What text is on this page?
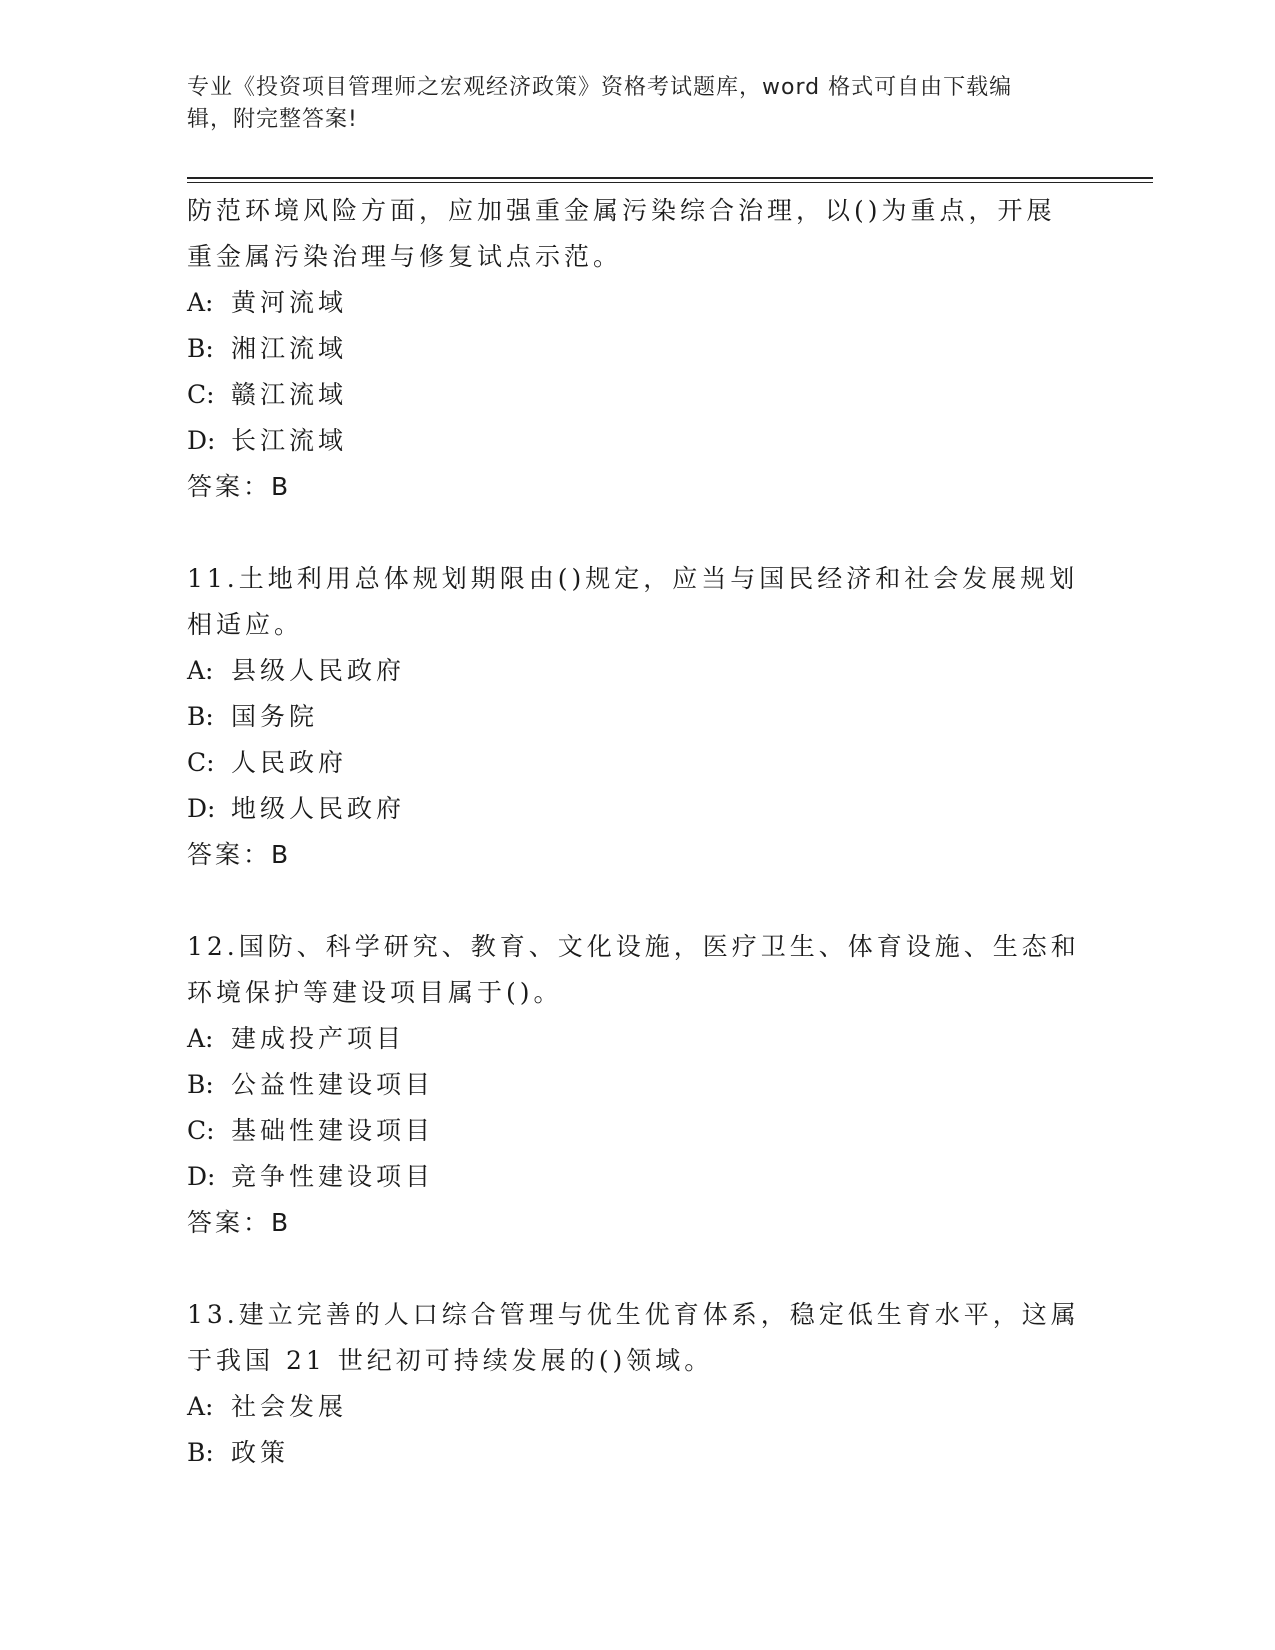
专业《投资项目管理师之宏观经济政策》资格考试题库，word 格式可自由下载编
辑，附完整答案!

防范环境风险方面，应加强重金属污染综合治理，以()为重点，开展

重金属污染治理与修复试点示范。

A: 黄河流域

B: 湘江流域

C: 赣江流域

D: 长江流域

答案：B

11.土地利用总体规划期限由()规定，应当与国民经济和社会发展规划

相适应。

A: 县级人民政府

B: 国务院

C: 人民政府

D: 地级人民政府

答案：B

12.国防、科学研究、教育、文化设施，医疗卫生、体育设施、生态和

环境保护等建设项目属于()。

A: 建成投产项目

B: 公益性建设项目

C: 基础性建设项目

D: 竞争性建设项目

答案：B

13.建立完善的人口综合管理与优生优育体系，稳定低生育水平，这属

于我国 21 世纪初可持续发展的()领域。

A: 社会发展

B: 政策
